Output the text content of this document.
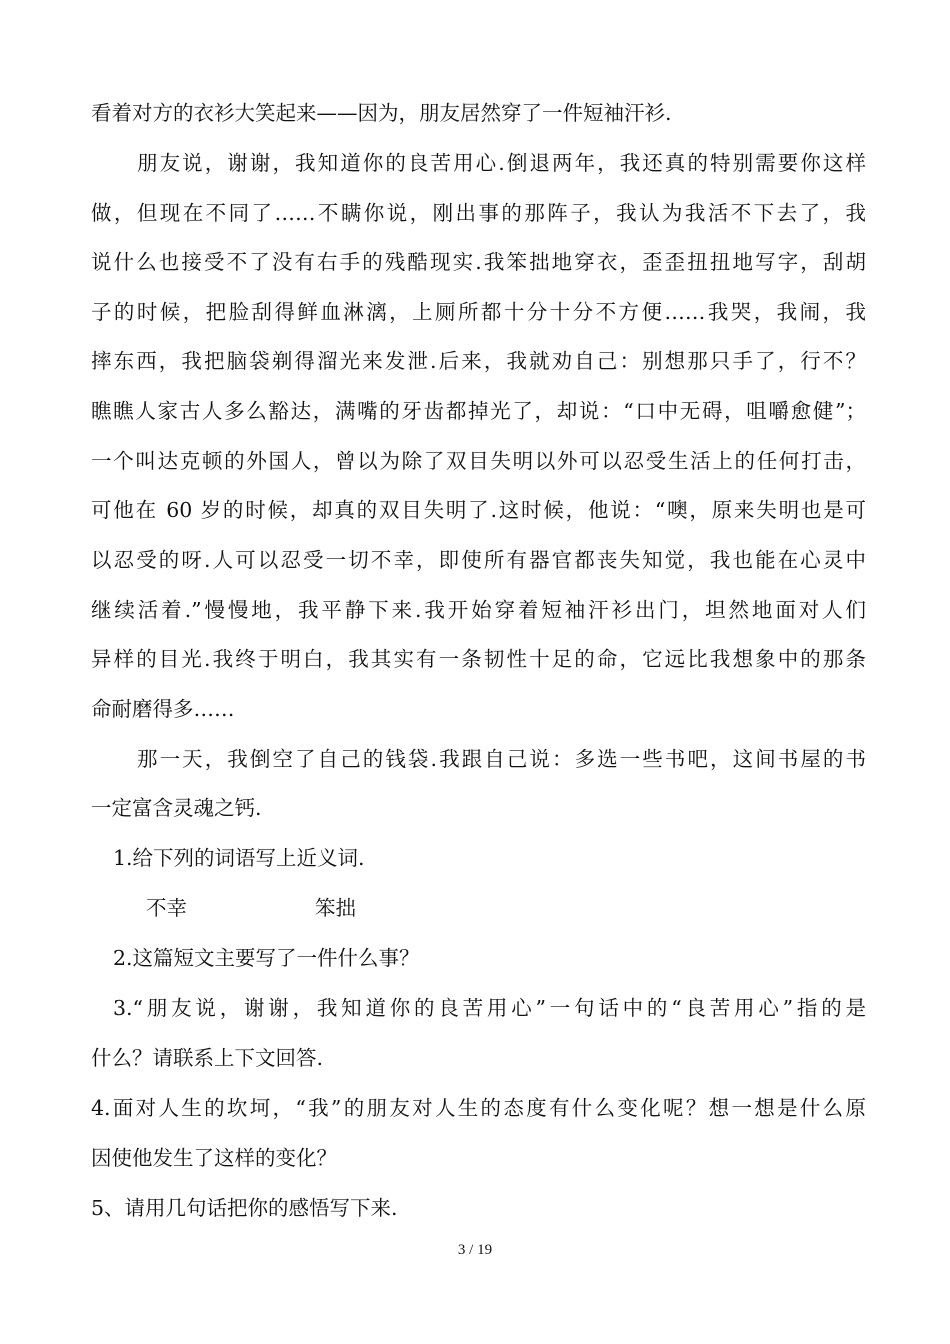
看着对方的衣衫大笑起来——因为，朋友居然穿了一件短袖汗衫.
朋友说，谢谢，我知道你的良苦用心.倒退两年，我还真的特别需要你这样
做，但现在不同了……不瞒你说，刚出事的那阵子，我认为我活不下去了，我
说什么也接受不了没有右手的残酷现实.我笨拙地穿衣，歪歪扭扭地写字，刮胡
子的时候，把脸刮得鲜血淋漓，上厕所都十分十分不方便……我哭，我闹，我
摔东西，我把脑袋剃得溜光来发泄.后来，我就劝自己：别想那只手了，行不？
瞧瞧人家古人多么豁达，满嘴的牙齿都掉光了，却说：“口中无碍，咀嚼愈健”；
一个叫达克顿的外国人，曾以为除了双目失明以外可以忍受生活上的任何打击，
可他在 60 岁的时候，却真的双目失明了.这时候，他说：“噢，原来失明也是可
以忍受的呀.人可以忍受一切不幸，即使所有器官都丧失知觉，我也能在心灵中
继续活着.”慢慢地，我平静下来.我开始穿着短袖汗衫出门，坦然地面对人们
异样的目光.我终于明白，我其实有一条韧性十足的命，它远比我想象中的那条
命耐磨得多……
那一天，我倒空了自己的钱袋.我跟自己说：多选一些书吧，这间书屋的书
一定富含灵魂之钙.
1.给下列的词语写上近义词.
不幸	笨拙
2.这篇短文主要写了一件什么事？
3.“朋友说，谢谢，我知道你的良苦用心”一句话中的“良苦用心”指的是
什么？请联系上下文回答.
4.面对人生的坎坷，“我”的朋友对人生的态度有什么变化呢？想一想是什么原
因使他发生了这样的变化？
5、请用几句话把你的感悟写下来.
3 / 19
